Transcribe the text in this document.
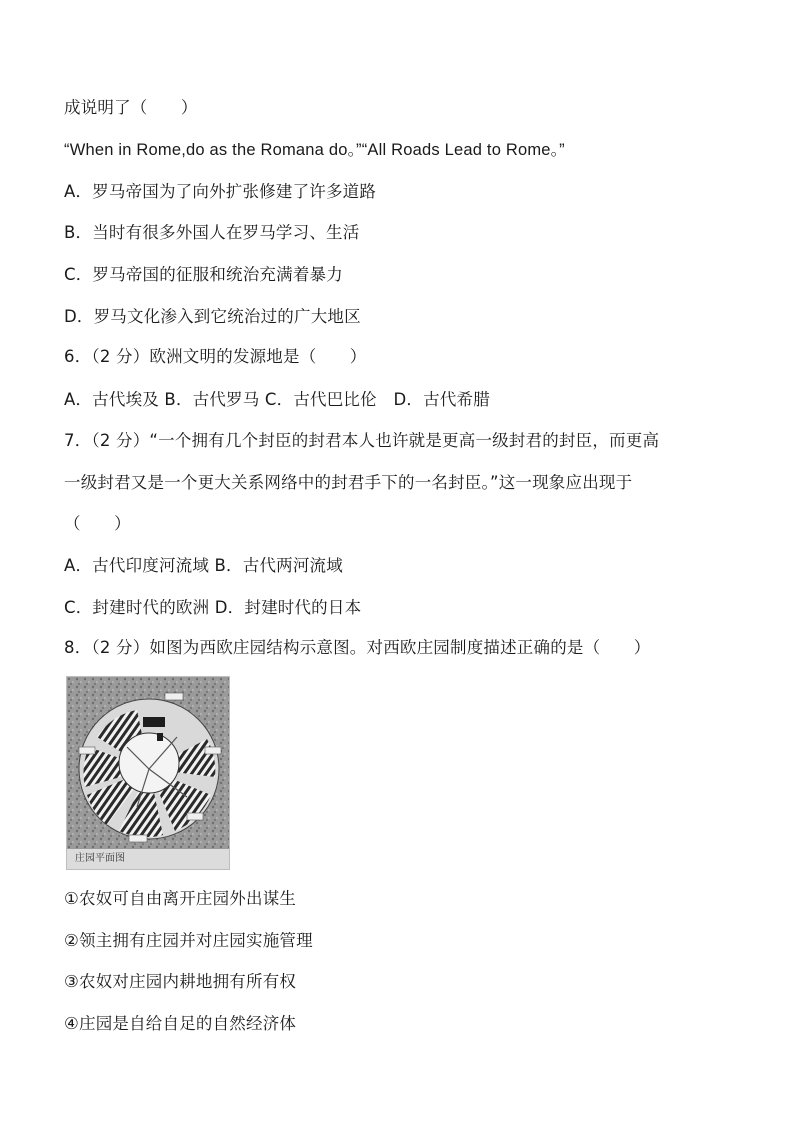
成说明了（　　）
“When in Rome,do as the Romana do。”“All Roads Lead to Rome。”
A．罗马帝国为了向外扩张修建了许多道路
B．当时有很多外国人在罗马学习、生活
C．罗马帝国的征服和统治充满着暴力
D．罗马文化渗入到它统治过的广大地区
6．（2 分）欧洲文明的发源地是（　　）
A．古代埃及 B．古代罗马 C．古代巴比伦　D．古代希腊
7．（2 分）“一个拥有几个封臣的封君本人也许就是更高一级封君的封臣，而更高
一级封君又是一个更大关系网络中的封君手下的一名封臣。”这一现象应出现于
（　　）
A．古代印度河流域 B．古代两河流域
C．封建时代的欧洲 D．封建时代的日本
8．（2 分）如图为西欧庄园结构示意图。对西欧庄园制度描述正确的是（　　）
庄园平面图
①农奴可自由离开庄园外出谋生
②领主拥有庄园并对庄园实施管理
③农奴对庄园内耕地拥有所有权
④庄园是自给自足的自然经济体
